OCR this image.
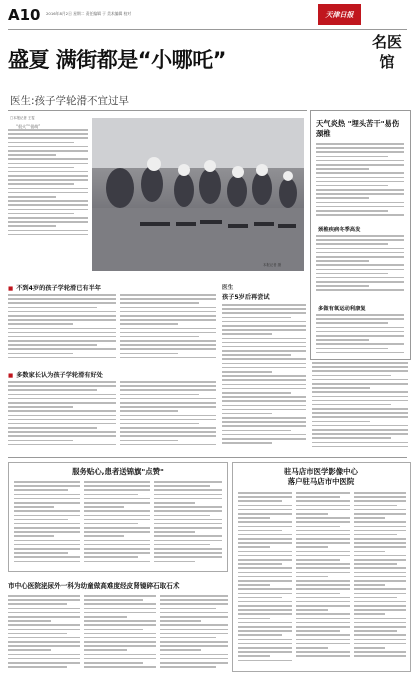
A10 2016年8月2日 星期二 责任编辑 于 美术编辑 校对	天津日报
名医
馆
盛夏 满街都是“小哪吒”
医生:孩子学轮滑不宜过早
□本报记者 王雯
“很火”“很萌”
本报记者 摄
天气炎热 "埋头苦干"易伤颈椎
颈椎疾病冬季高发
多做有氧运动利康复
■ 不到4岁的孩子学轮滑已有半年
■ 多数家长认为孩子学轮滑有好处
医生
孩子5岁后再尝试
服务贴心,患者送锦旗"点赞"	驻马店市医学影像中心
落户驻马店市中医院
市中心医院泌尿外一科为幼童做高难度经皮肾镜碎石取石术
